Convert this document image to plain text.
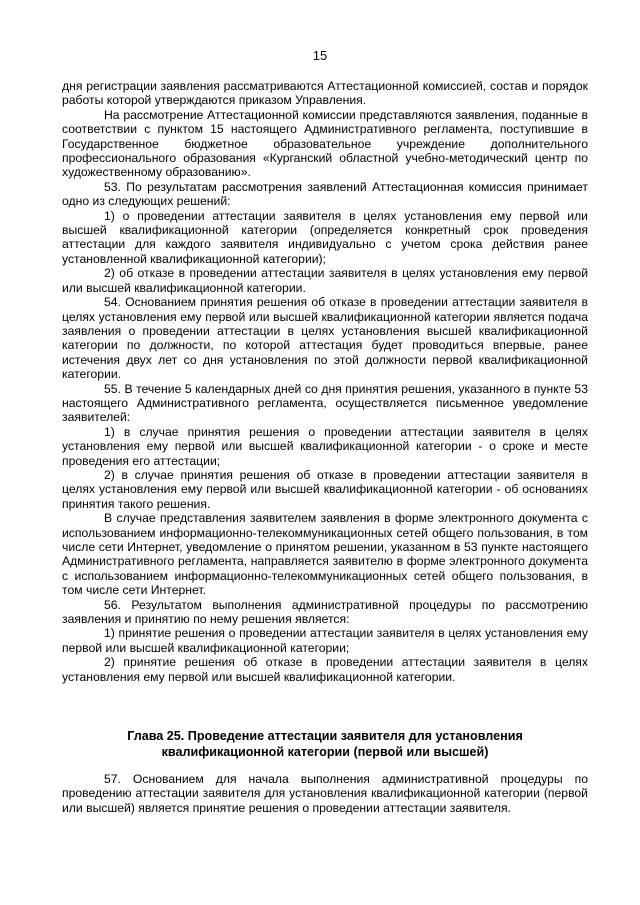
15

дня регистрации заявления рассматриваются Аттестационной комиссией, состав и порядок работы которой утверждаются приказом Управления.

На рассмотрение Аттестационной комиссии представляются заявления, поданные в соответствии с пунктом 15 настоящего Административного регламента, поступившие в Государственное бюджетное образовательное учреждение дополнительного профессионального образования «Курганский областной учебно-методический центр по художественному образованию».

53. По результатам рассмотрения заявлений Аттестационная комиссия принимает одно из следующих решений:

1) о проведении аттестации заявителя в целях установления ему первой или высшей квалификационной категории (определяется конкретный срок проведения аттестации для каждого заявителя индивидуально с учетом срока действия ранее установленной квалификационной категории);

2) об отказе в проведении аттестации заявителя в целях установления ему первой или высшей квалификационной категории.

54. Основанием принятия решения об отказе в проведении аттестации заявителя в целях установления ему первой или высшей квалификационной категории является подача заявления о проведении аттестации в целях установления высшей квалификационной категории по должности, по которой аттестация будет проводиться впервые, ранее истечения двух лет со дня установления по этой должности первой квалификационной категории.

55. В течение 5 календарных дней со дня принятия решения, указанного в пункте 53 настоящего Административного регламента, осуществляется письменное уведомление заявителей:

1) в случае принятия решения о проведении аттестации заявителя в целях установления ему первой или высшей квалификационной категории - о сроке и месте проведения его аттестации;

2) в случае принятия решения об отказе в проведении аттестации заявителя в целях установления ему первой или высшей квалификационной категории - об основаниях принятия такого решения.

В случае представления заявителем заявления в форме электронного документа с использованием информационно-телекоммуникационных сетей общего пользования, в том числе сети Интернет, уведомление о принятом решении, указанном в 53 пункте настоящего Административного регламента, направляется заявителю в форме электронного документа с использованием информационно-телекоммуникационных сетей общего пользования, в том числе сети Интернет.

56. Результатом выполнения административной процедуры по рассмотрению заявления и принятию по нему решения является:

1) принятие решения о проведении аттестации заявителя в целях установления ему первой или высшей квалификационной категории;

2) принятие решения об отказе в проведении аттестации заявителя в целях установления ему первой или высшей квалификационной категории.

Глава 25. Проведение аттестации заявителя для установления
квалификационной категории (первой или высшей)

57. Основанием для начала выполнения административной процедуры по проведению аттестации заявителя для установления квалификационной категории (первой или высшей) является принятие решения о проведении аттестации заявителя.
